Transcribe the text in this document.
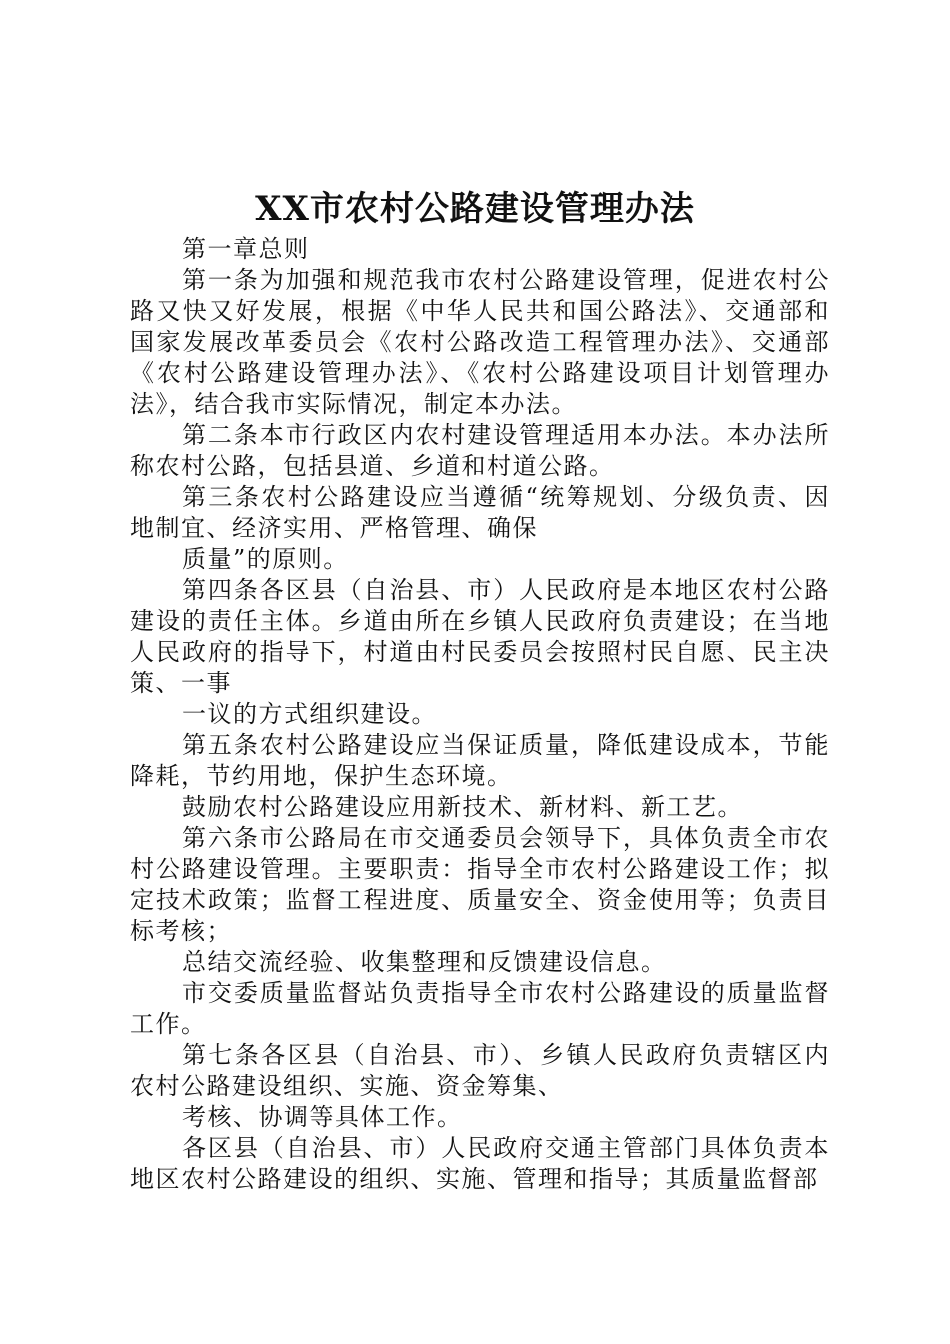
XX市农村公路建设管理办法

第一章总则

第一条为加强和规范我市农村公路建设管理，促进农村公路又快又好发展，根据《中华人民共和国公路法》、交通部和国家发展改革委员会《农村公路改造工程管理办法》、交通部《农村公路建设管理办法》、《农村公路建设项目计划管理办法》，结合我市实际情况，制定本办法。

第二条本市行政区内农村建设管理适用本办法。本办法所称农村公路，包括县道、乡道和村道公路。

第三条农村公路建设应当遵循“统筹规划、分级负责、因地制宜、经济实用、严格管理、确保

质量”的原则。

第四条各区县（自治县、市）人民政府是本地区农村公路建设的责任主体。乡道由所在乡镇人民政府负责建设；在当地人民政府的指导下，村道由村民委员会按照村民自愿、民主决策、一事

一议的方式组织建设。

第五条农村公路建设应当保证质量，降低建设成本，节能降耗，节约用地，保护生态环境。

鼓励农村公路建设应用新技术、新材料、新工艺。

第六条市公路局在市交通委员会领导下，具体负责全市农村公路建设管理。主要职责：指导全市农村公路建设工作；拟定技术政策；监督工程进度、质量安全、资金使用等；负责目标考核；

总结交流经验、收集整理和反馈建设信息。

市交委质量监督站负责指导全市农村公路建设的质量监督工作。

第七条各区县（自治县、市）、乡镇人民政府负责辖区内农村公路建设组织、实施、资金筹集、

考核、协调等具体工作。

各区县（自治县、市）人民政府交通主管部门具体负责本地区农村公路建设的组织、实施、管理和指导；其质量监督部
